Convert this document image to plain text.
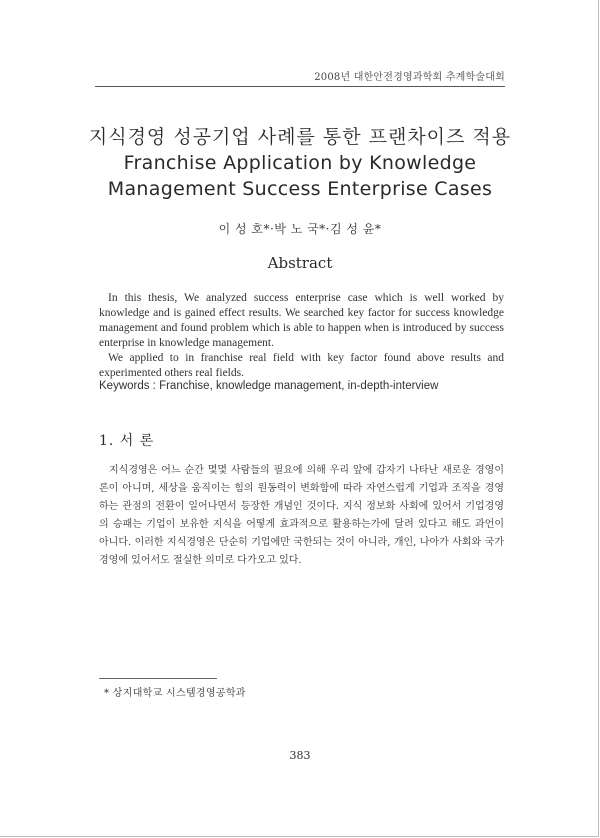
2008년 대한안전경영과학회 추계학술대회
지식경영 성공기업 사례를 통한 프랜차이즈 적용
Franchise Application by Knowledge
Management Success Enterprise Cases
이 성 호*·박 노 국*·김 성 윤*
Abstract

In this thesis, We analyzed success enterprise case which is well worked by knowledge and is gained effect results. We searched key factor for success knowledge management and found problem which is able to happen when is introduced by success enterprise in knowledge management.

We applied to in franchise real field with key factor found above results and experimented others real fields.

Keywords : Franchise, knowledge management, in-depth-interview
1. 서 론

지식경영은 어느 순간 몇몇 사람들의 필요에 의해 우리 앞에 갑자기 나타난 새로운 경영이론이 아니며, 세상을 움직이는 힘의 원동력이 변화함에 따라 자연스럽게 기업과 조직을 경영하는 관점의 전환이 일어나면서 등장한 개념인 것이다. 지식 정보화 사회에 있어서 기업경영의 승패는 기업이 보유한 지식을 어떻게 효과적으로 활용하는가에 달려 있다고 해도 과언이 아니다. 이러한 지식경영은 단순히 기업에만 국한되는 것이 아니라, 개인, 나아가 사회와 국가경영에 있어서도 절실한 의미로 다가오고 있다.

* 상지대학교 시스템경영공학과
383
